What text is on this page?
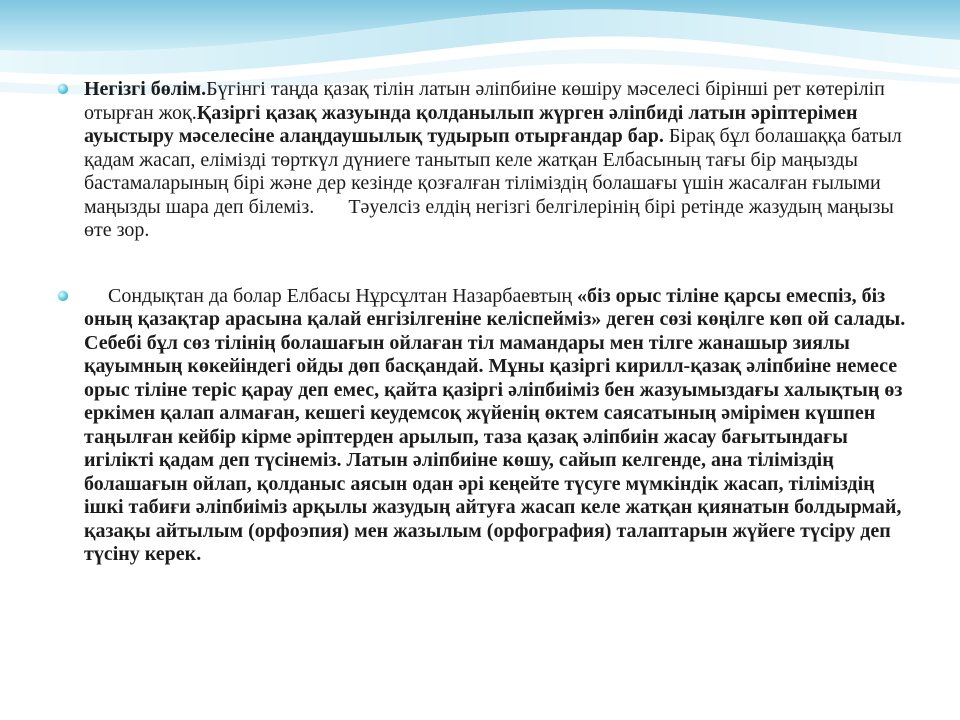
Негізгі бөлім.Бүгінгі таңда қазақ тілін латын әліпбиіне көшіру мәселесі бірінші рет көтеріліп отырған жоқ.Қазіргі қазақ жазуында қолданылып жүрген әліпбиді латын әріптерімен ауыстыру мәселесіне алаңдаушылық тудырып отырғандар бар. Бірақ бұл болашаққа батыл қадам жасап, елімізді төрткүл дүниеге танытып келе жатқан Елбасының тағы бір маңызды бастамаларының бірі және дер кезінде қозғалған тіліміздің болашағы үшін жасалған ғылыми маңызды шара деп білеміз. Тәуелсіз елдің негізгі белгілерінің бірі ретінде жазудың маңызы өте зор.
Сондықтан да болар Елбасы Нұрсұлтан Назарбаевтың «біз орыс тіліне қарсы емеспіз, біз оның қазақтар арасына қалай енгізілгеніне келіспейміз» деген сөзі көңілге көп ой салады. Себебі бұл сөз тілінің болашағын ойлаған тіл мамандары мен тілге жанашыр зиялы қауымның көкейіндегі ойды дөп басқандай. Мұны қазіргі кирилл-қазақ әліпбиіне немесе орыс тіліне теріс қарау деп емес, қайта қазіргі әліпбиіміз бен жазуымыздағы халықтың өз еркімен қалап алмаған, кешегі кеудемсоқ жүйенің өктем саясатының әмірімен күшпен таңылған кейбір кірме әріптерден арылып, таза қазақ әліпбиін жасау бағытындағы игілікті қадам деп түсінеміз. Латын әліпбиіне көшу, сайып келгенде, ана тіліміздің болашағын ойлап, қолданыс аясын одан әрі кеңейте түсуге мүмкіндік жасап, тіліміздің ішкі табиғи әліпбиіміз арқылы жазудың айтуға жасап келе жатқан қиянатын болдырмай, қазақы айтылым (орфоэпия) мен жазылым (орфография) талаптарын жүйеге түсіру деп түсіну керек.
